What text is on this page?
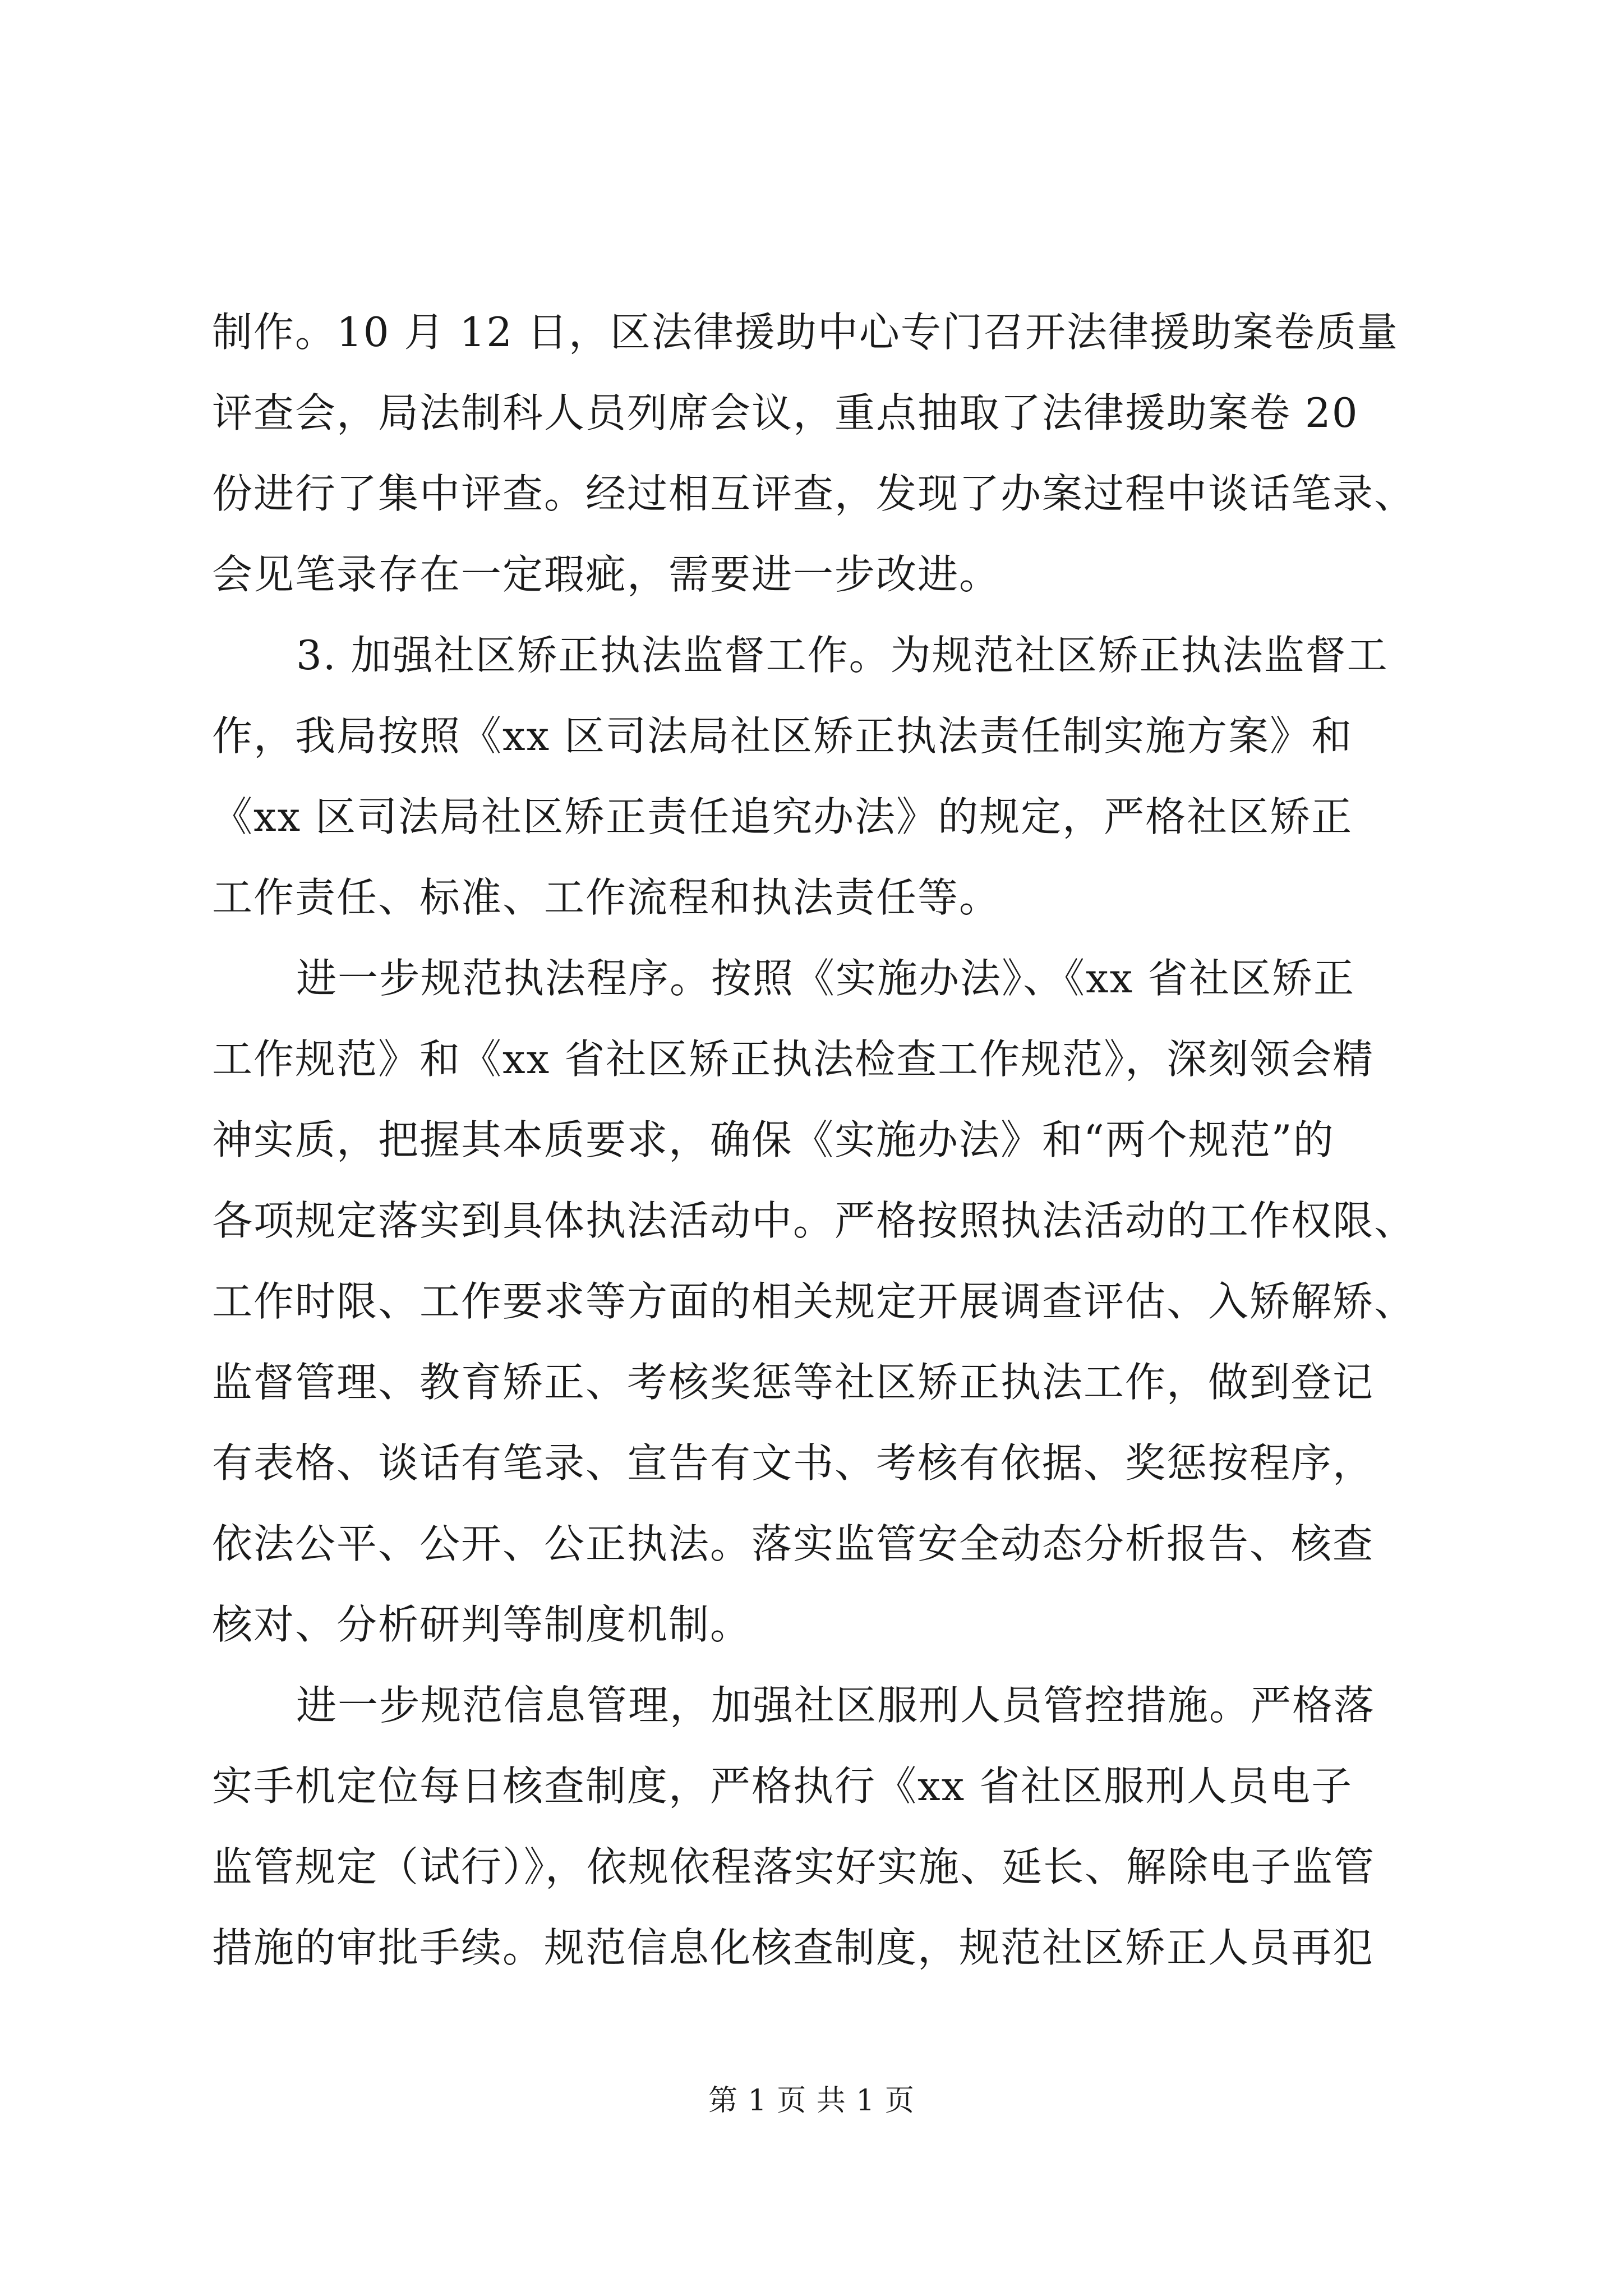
制作。10 月 12 日，区法律援助中心专门召开法律援助案卷质量
评查会，局法制科人员列席会议，重点抽取了法律援助案卷 20
份进行了集中评查。经过相互评查，发现了办案过程中谈话笔录、
会见笔录存在一定瑕疵，需要进一步改进。
3. 加强社区矫正执法监督工作。为规范社区矫正执法监督工
作，我局按照《xx 区司法局社区矫正执法责任制实施方案》和
《xx 区司法局社区矫正责任追究办法》的规定，严格社区矫正
工作责任、标准、工作流程和执法责任等。
进一步规范执法程序。按照《实施办法》、《xx 省社区矫正
工作规范》和《xx 省社区矫正执法检查工作规范》，深刻领会精
神实质，把握其本质要求，确保《实施办法》和“两个规范”的
各项规定落实到具体执法活动中。严格按照执法活动的工作权限、
工作时限、工作要求等方面的相关规定开展调查评估、入矫解矫、
监督管理、教育矫正、考核奖惩等社区矫正执法工作，做到登记
有表格、谈话有笔录、宣告有文书、考核有依据、奖惩按程序，
依法公平、公开、公正执法。落实监管安全动态分析报告、核查
核对、分析研判等制度机制。
进一步规范信息管理，加强社区服刑人员管控措施。严格落
实手机定位每日核查制度，严格执行《xx 省社区服刑人员电子
监管规定（试行）》，依规依程落实好实施、延长、解除电子监管
措施的审批手续。规范信息化核查制度，规范社区矫正人员再犯
第 1 页 共 1 页
